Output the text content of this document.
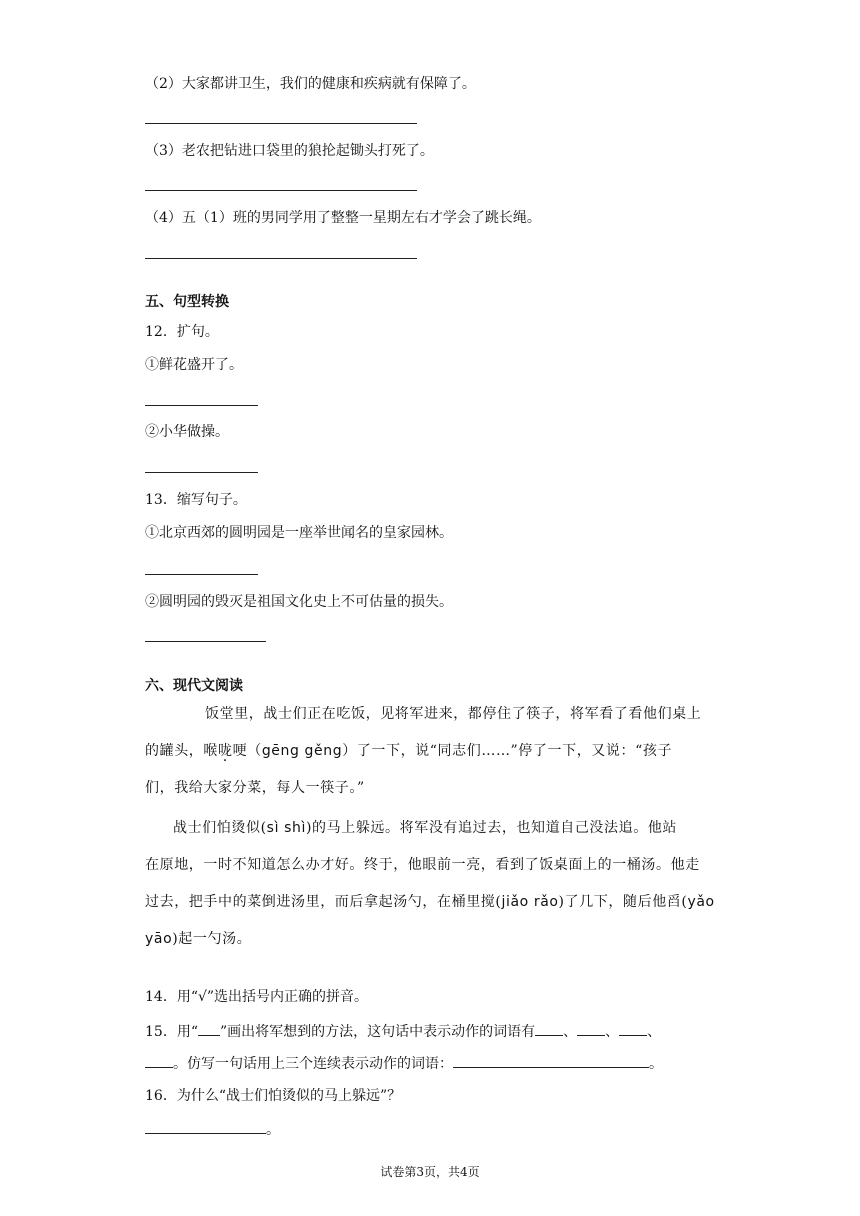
（2）大家都讲卫生，我们的健康和疾病就有保障了。
（3）老农把钻进口袋里的狼抡起锄头打死了。
（4）五（1）班的男同学用了整整一星期左右才学会了跳长绳。
五、句型转换
12．扩句。
①鲜花盛开了。
②小华做操。
13．缩写句子。
①北京西郊的圆明园是一座举世闻名的皇家园林。
②圆明园的毁灭是祖国文化史上不可估量的损失。
六、现代文阅读
饭堂里，战士们正在吃饭，见将军进来，都停住了筷子，将军看了看他们桌上
的罐头，喉咙哽（gēng gěng）了一下，说“同志们……”停了一下，又说：“孩子
们，我给大家分菜，每人一筷子。”
战士们怕烫似(sì shì)的马上躲远。将军没有追过去，也知道自己没法追。他站
在原地，一时不知道怎么办才好。终于，他眼前一亮，看到了饭桌面上的一桶汤。他走
过去，把手中的菜倒进汤里，而后拿起汤勺，在桶里搅(jiǎo rǎo)了几下，随后他舀(yǎo
yāo)起一勺汤。
14．用“√”选出括号内正确的拼音。
15．用“ ”画出将军想到的方法，这句话中表示动作的词语有 、 、 、
。仿写一句话用上三个连续表示动作的词语：	。
16．为什么“战士们怕烫似的马上躲远”？
。
试卷第3页，共4页
